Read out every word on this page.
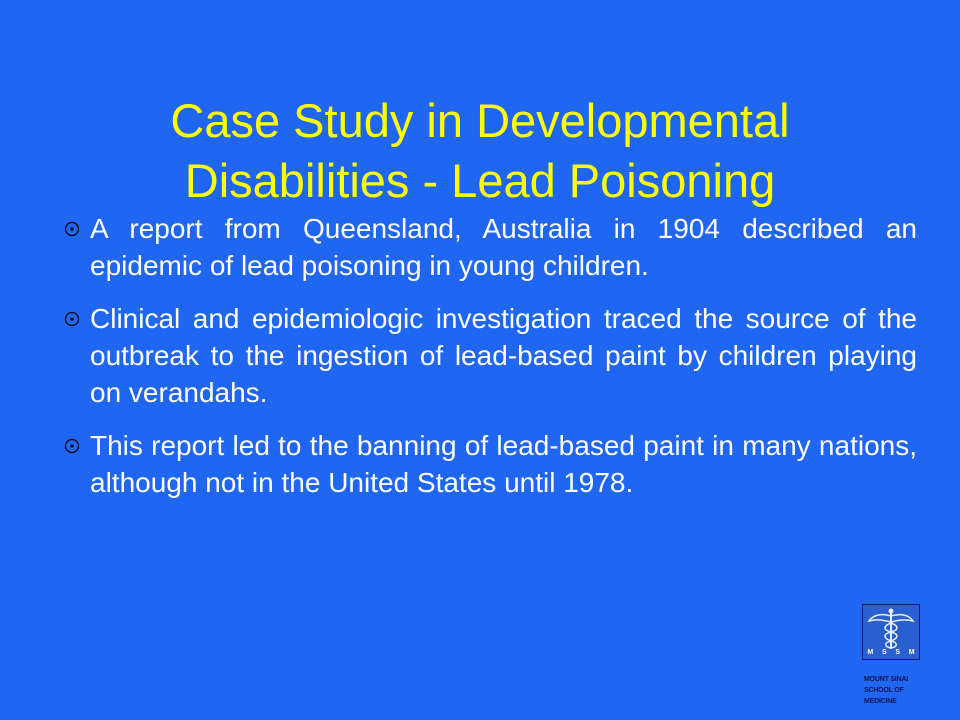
Case Study in Developmental
Disabilities - Lead Poisoning
A report from Queensland, Australia in 1904 described an epidemic of lead poisoning in young children.
Clinical and epidemiologic investigation traced the source of the outbreak to the ingestion of lead-based paint by children playing on verandahs.
This report led to the banning of lead-based paint in many nations, although not in the United States until 1978.
M S S M
MOUNT SINAI
SCHOOL OF
MEDICINE
